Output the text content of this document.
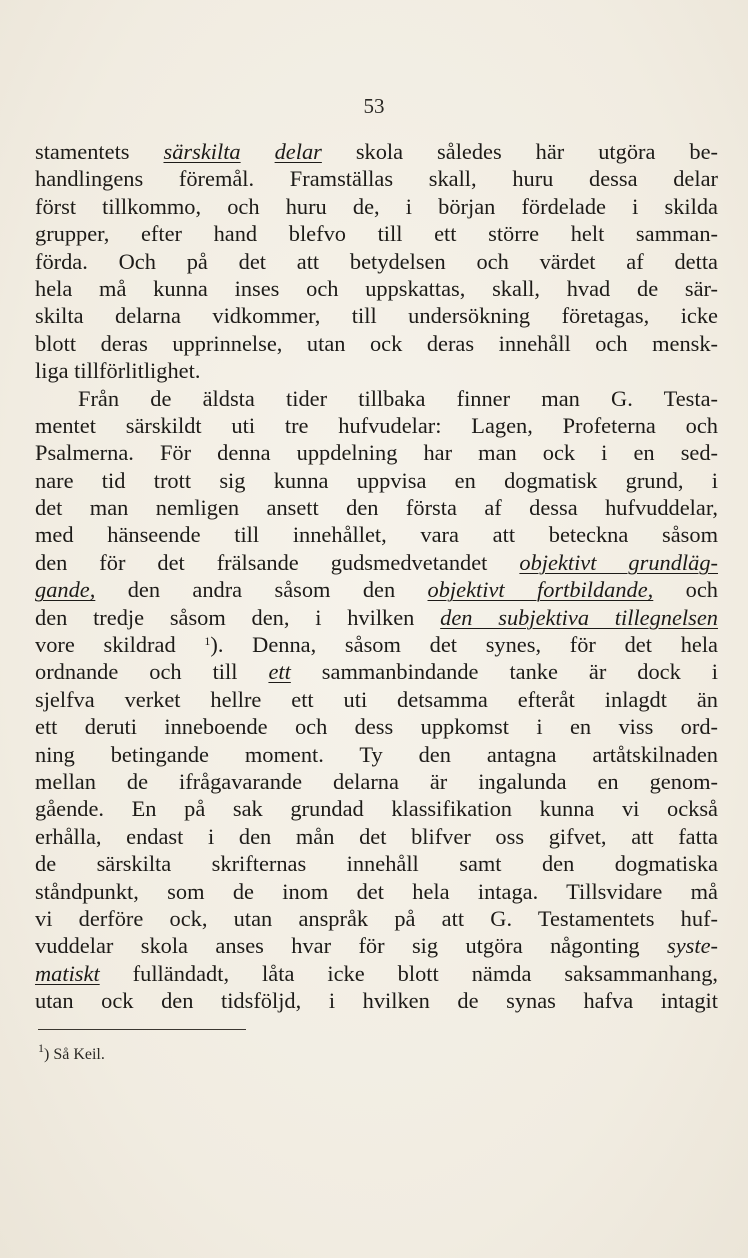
53
stamentets särskilta delar skola således här utgöra be-
handlingens föremål. Framställas skall, huru dessa delar
först tillkommo, och huru de, i början fördelade i skilda
grupper, efter hand blefvo till ett större helt samman-
förda. Och på det att betydelsen och värdet af detta
hela må kunna inses och uppskattas, skall, hvad de sär-
skilta delarna vidkommer, till undersökning företagas, icke
blott deras upprinnelse, utan ock deras innehåll och mensk-
liga tillförlitlighet.
Från de äldsta tider tillbaka finner man G. Testa-
mentet särskildt uti tre hufvudelar: Lagen, Profeterna och
Psalmerna. För denna uppdelning har man ock i en sed-
nare tid trott sig kunna uppvisa en dogmatisk grund, i
det man nemligen ansett den första af dessa hufvuddelar,
med hänseende till innehållet, vara att beteckna såsom
den för det frälsande gudsmedvetandet objektivt grundläg-
gande, den andra såsom den objektivt fortbildande, och
den tredje såsom den, i hvilken den subjektiva tillegnelsen
vore skildrad $^1$). Denna, såsom det synes, för det hela
ordnande och till ett sammanbindande tanke är dock i
sjelfva verket hellre ett uti detsamma efteråt inlagdt än
ett deruti inneboende och dess uppkomst i en viss ord-
ning betingande moment. Ty den antagna artåtskilnaden
mellan de ifrågavarande delarna är ingalunda en genom-
gående. En på sak grundad klassifikation kunna vi också
erhålla, endast i den mån det blifver oss gifvet, att fatta
de särskilta skrifternas innehåll samt den dogmatiska
ståndpunkt, som de inom det hela intaga. Tillsvidare må
vi derföre ock, utan anspråk på att G. Testamentets huf-
vuddelar skola anses hvar för sig utgöra någonting syste-
matiskt fulländadt, låta icke blott nämda saksammanhang,
utan ock den tidsföljd, i hvilken de synas hafva intagit
$^1$) Så Keil.
